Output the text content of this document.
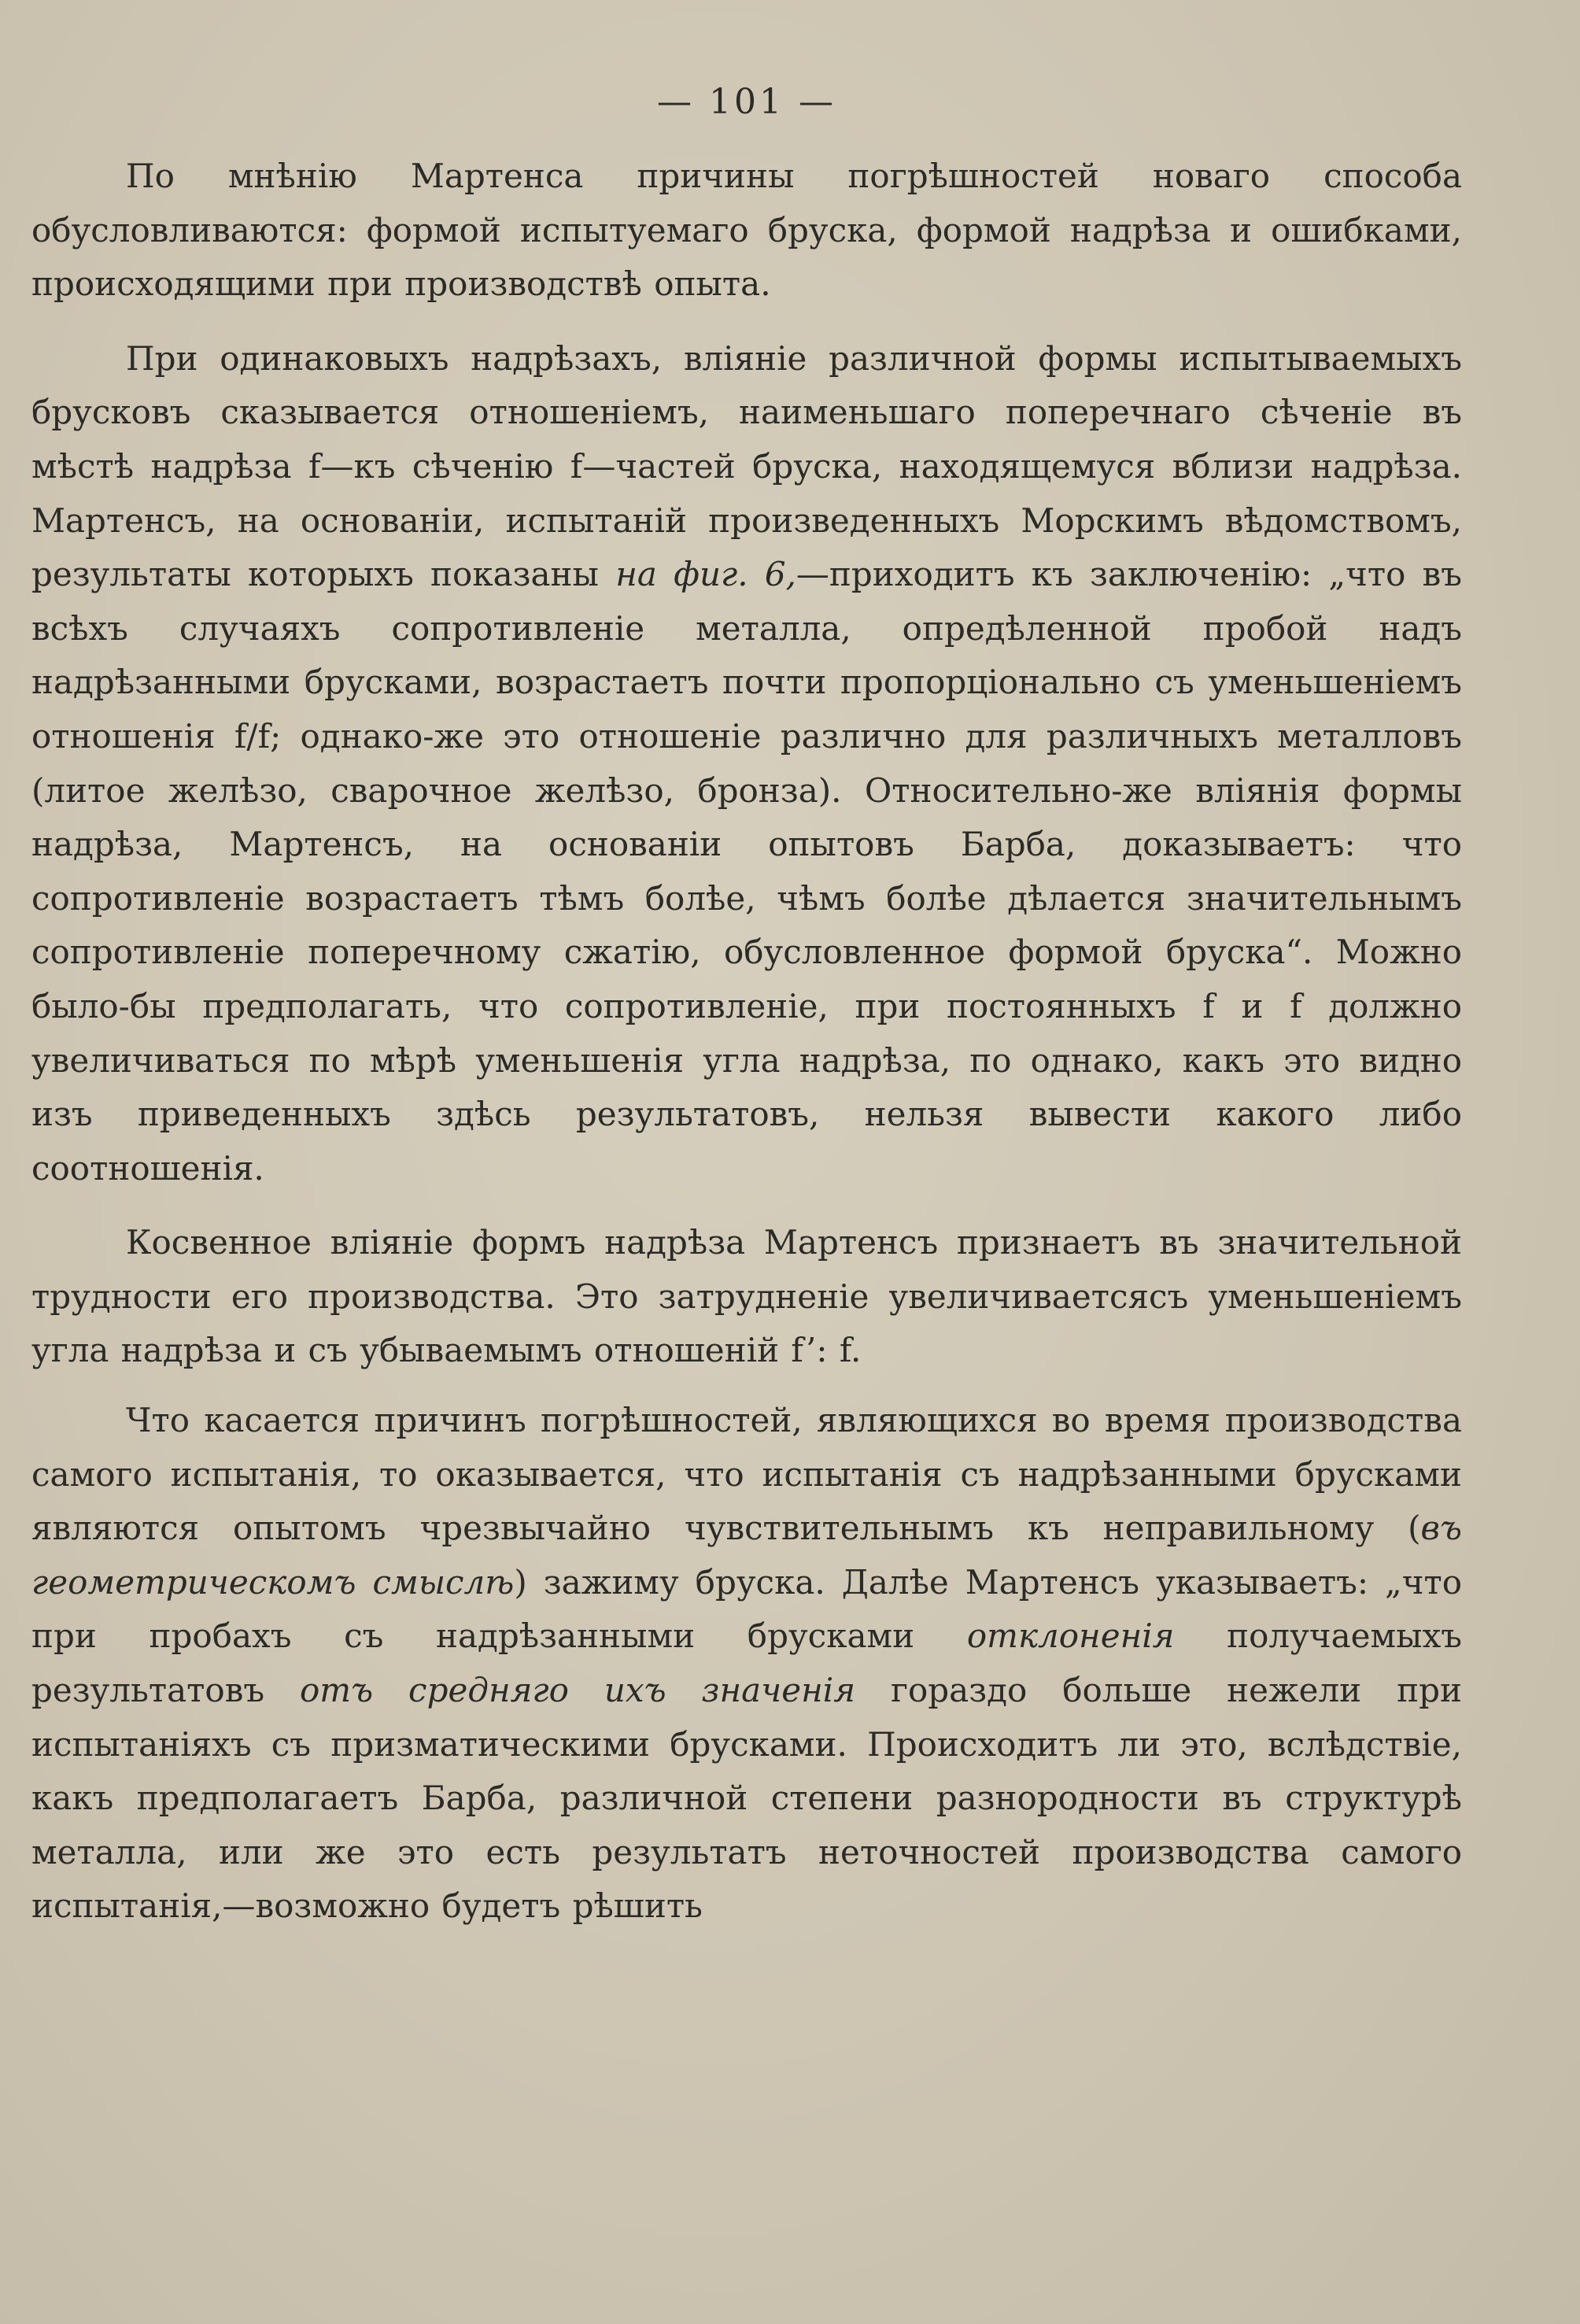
— 101 —

По мнѣнію Мартенса причины погрѣшностей новаго способа обусловливаются: формой испытуемаго бруска, формой надрѣза и ошибками, происходящими при производствѣ опыта.

При одинаковыхъ надрѣзахъ, вліяніе различной формы испытываемыхъ брусковъ сказывается отношеніемъ, наименьшаго поперечнаго сѣченіе въ мѣстѣ надрѣза f—къ сѣченію f—частей бруска, находящемуся вблизи надрѣза. Мартенсъ, на основаніи, испытаній произведенныхъ Морскимъ вѣдомствомъ, результаты которыхъ показаны на фиг. 6,—приходитъ къ заключенію: „что въ всѣхъ случаяхъ сопротивленіе металла, опредѣленной пробой надъ надрѣзанными брусками, возрастаетъ почти пропорціонально съ уменьшеніемъ отношенія f/f; однако-же это отношеніе различно для различныхъ металловъ (литое желѣзо, сварочное желѣзо, бронза). Относительно-же вліянія формы надрѣза, Мартенсъ, на основаніи опытовъ Барба, доказываетъ: что сопротивленіе возрастаетъ тѣмъ болѣе, чѣмъ болѣе дѣлается значительнымъ сопротивленіе поперечному сжатію, обусловленное формой бруска“. Можно было-бы предполагать, что сопротивленіе, при постоянныхъ f и f должно увеличиваться по мѣрѣ уменьшенія угла надрѣза, по однако, какъ это видно изъ приведенныхъ здѣсь результатовъ, нельзя вывести какого либо соотношенія.

Косвенное вліяніе формъ надрѣза Мартенсъ признаетъ въ значительной трудности его производства. Это затрудненіе увеличиваетсясъ уменьшеніемъ угла надрѣза и съ убываемымъ отношеній f’: f.

Что касается причинъ погрѣшностей, являющихся во время производства самого испытанія, то оказывается, что испытанія съ надрѣзанными брусками являются опытомъ чрезвычайно чувствительнымъ къ неправильному (въ геометрическомъ смыслѣ) зажиму бруска. Далѣе Мартенсъ указываетъ: „что при пробахъ съ надрѣзанными брусками отклоненія получаемыхъ результатовъ отъ средняго ихъ значенія гораздо больше нежели при испытаніяхъ съ призматическими брусками. Происходитъ ли это, вслѣдствіе, какъ предполагаетъ Барба, различной степени разнородности въ структурѣ металла, или же это есть результатъ неточностей производства самого испытанія,—возможно будетъ рѣшить
